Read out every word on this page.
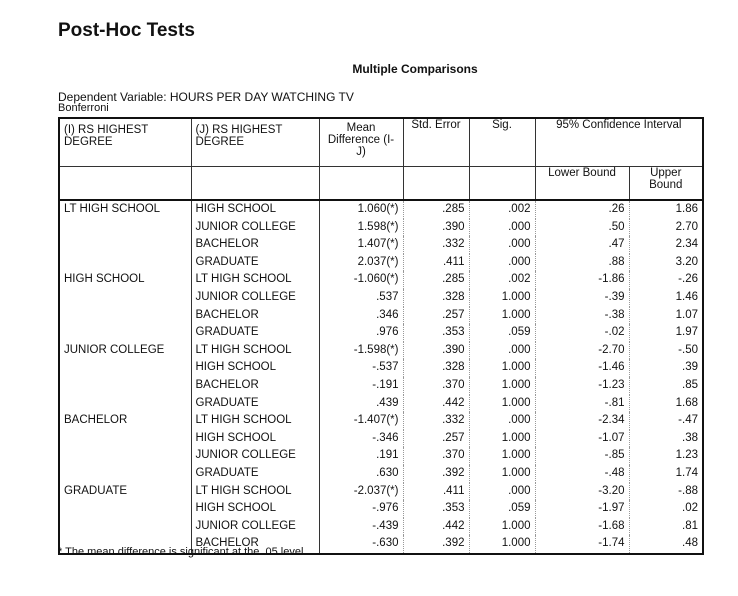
Post-Hoc Tests
Multiple Comparisons
Dependent Variable: HOURS PER DAY WATCHING TV
Bonferroni
(I) RS HIGHEST DEGREE	(J) RS HIGHEST DEGREE	Mean Difference (I-J)	Std. Error	Sig.	95% Confidence Interval	
					Lower Bound	Upper Bound
LT HIGH SCHOOL	HIGH SCHOOL	1.060(*)	.285	.002	.26	1.86
	JUNIOR COLLEGE	1.598(*)	.390	.000	.50	2.70
	BACHELOR	1.407(*)	.332	.000	.47	2.34
	GRADUATE	2.037(*)	.411	.000	.88	3.20
HIGH SCHOOL	LT HIGH SCHOOL	-1.060(*)	.285	.002	-1.86	-.26
	JUNIOR COLLEGE	.537	.328	1.000	-.39	1.46
	BACHELOR	.346	.257	1.000	-.38	1.07
	GRADUATE	.976	.353	.059	-.02	1.97
JUNIOR COLLEGE	LT HIGH SCHOOL	-1.598(*)	.390	.000	-2.70	-.50
	HIGH SCHOOL	-.537	.328	1.000	-1.46	.39
	BACHELOR	-.191	.370	1.000	-1.23	.85
	GRADUATE	.439	.442	1.000	-.81	1.68
BACHELOR	LT HIGH SCHOOL	-1.407(*)	.332	.000	-2.34	-.47
	HIGH SCHOOL	-.346	.257	1.000	-1.07	.38
	JUNIOR COLLEGE	.191	.370	1.000	-.85	1.23
	GRADUATE	.630	.392	1.000	-.48	1.74
GRADUATE	LT HIGH SCHOOL	-2.037(*)	.411	.000	-3.20	-.88
	HIGH SCHOOL	-.976	.353	.059	-1.97	.02
	JUNIOR COLLEGE	-.439	.442	1.000	-1.68	.81
	BACHELOR	-.630	.392	1.000	-1.74	.48
* The mean difference is significant at the .05 level.
